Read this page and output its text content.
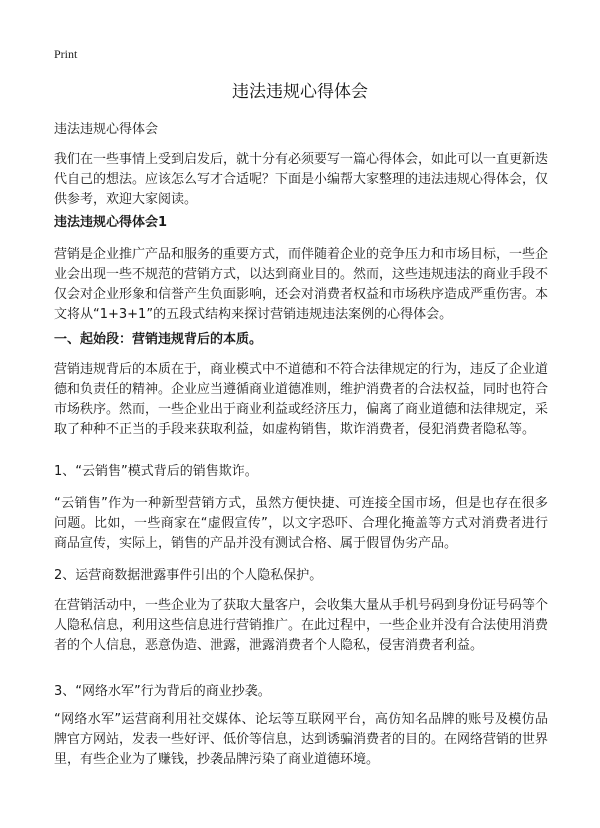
Print
违法违规心得体会
违法违规心得体会

我们在一些事情上受到启发后，就十分有必须要写一篇心得体会，如此可以一直更新迭代自己的想法。应该怎么写才合适呢？下面是小编帮大家整理的违法违规心得体会，仅供参考，欢迎大家阅读。

违法违规心得体会1

营销是企业推广产品和服务的重要方式，而伴随着企业的竞争压力和市场目标，一些企业会出现一些不规范的营销方式，以达到商业目的。然而，这些违规违法的商业手段不仅会对企业形象和信誉产生负面影响，还会对消费者权益和市场秩序造成严重伤害。本文将从“1+3+1”的五段式结构来探讨营销违规违法案例的心得体会。

一、起始段：营销违规背后的本质。

营销违规背后的本质在于，商业模式中不道德和不符合法律规定的行为，违反了企业道德和负责任的精神。企业应当遵循商业道德准则，维护消费者的合法权益，同时也符合市场秩序。然而，一些企业出于商业利益或经济压力，偏离了商业道德和法律规定，采取了种种不正当的手段来获取利益，如虚构销售，欺诈消费者，侵犯消费者隐私等。

1、“云销售”模式背后的销售欺诈。

“云销售”作为一种新型营销方式，虽然方便快捷、可连接全国市场，但是也存在很多问题。比如，一些商家在“虚假宣传”，以文字恐吓、合理化掩盖等方式对消费者进行商品宣传，实际上，销售的产品并没有测试合格、属于假冒伪劣产品。

2、运营商数据泄露事件引出的个人隐私保护。

在营销活动中，一些企业为了获取大量客户，会收集大量从手机号码到身份证号码等个人隐私信息，利用这些信息进行营销推广。在此过程中，一些企业并没有合法使用消费者的个人信息，恶意伪造、泄露，泄露消费者个人隐私，侵害消费者利益。

3、“网络水军”行为背后的商业抄袭。

“网络水军”运营商利用社交媒体、论坛等互联网平台，高仿知名品牌的账号及模仿品牌官方网站，发表一些好评、低价等信息，达到诱骗消费者的目的。在网络营销的世界里，有些企业为了赚钱，抄袭品牌污染了商业道德环境。
